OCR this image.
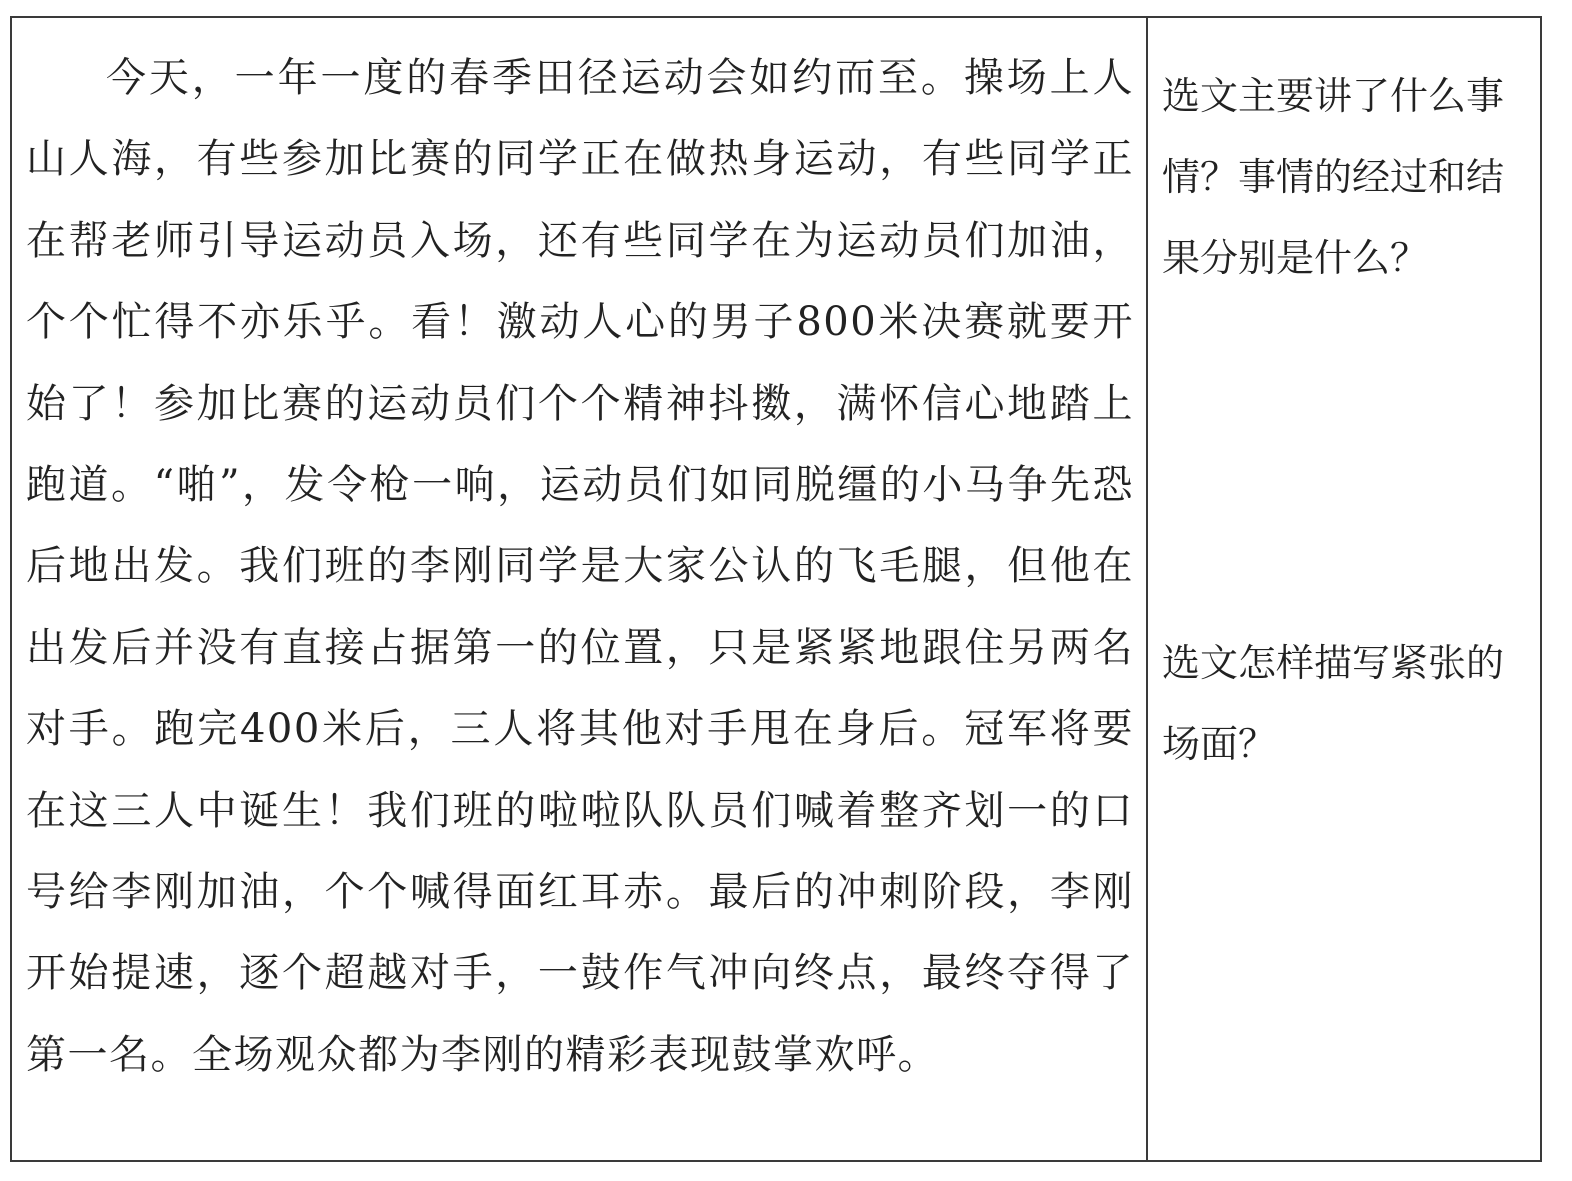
今天，一年一度的春季田径运动会如约而至。操场上人山人海，有些参加比赛的同学正在做热身运动，有些同学正在帮老师引导运动员入场，还有些同学在为运动员们加油，个个忙得不亦乐乎。看！激动人心的男子800米决赛就要开始了！参加比赛的运动员们个个精神抖擞，满怀信心地踏上跑道。“啪”，发令枪一响，运动员们如同脱缰的小马争先恐后地出发。我们班的李刚同学是大家公认的飞毛腿，但他在出发后并没有直接占据第一的位置，只是紧紧地跟住另两名对手。跑完400米后，三人将其他对手甩在身后。冠军将要在这三人中诞生！我们班的啦啦队队员们喊着整齐划一的口号给李刚加油，个个喊得面红耳赤。最后的冲刺阶段，李刚开始提速，逐个超越对手，一鼓作气冲向终点，最终夺得了第一名。全场观众都为李刚的精彩表现鼓掌欢呼。

选文主要讲了什么事情？事情的经过和结果分别是什么？

选文怎样描写紧张的场面？
